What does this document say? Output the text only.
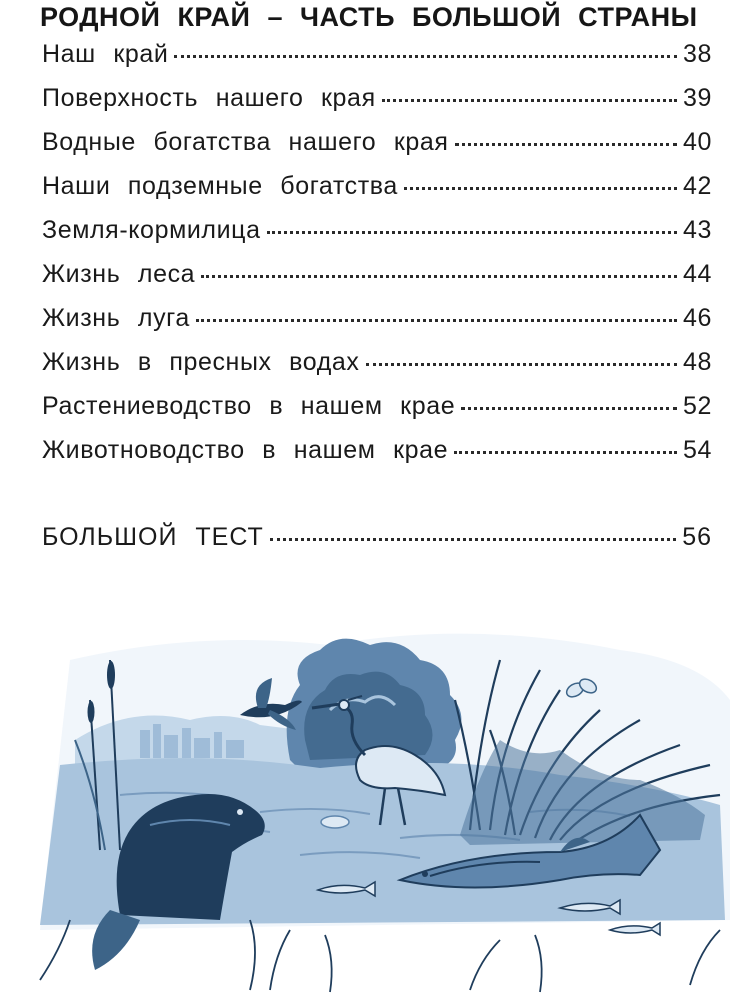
РОДНОЙ КРАЙ – ЧАСТЬ БОЛЬШОЙ СТРАНЫ
Наш край	38
Поверхность нашего края	39
Водные богатства нашего края	40
Наши подземные богатства	42
Земля-кормилица	43
Жизнь леса	44
Жизнь луга	46
Жизнь в пресных водах	48
Растениеводство в нашем крае	52
Животноводство в нашем крае	54
БОЛЬШОЙ ТЕСТ	56
